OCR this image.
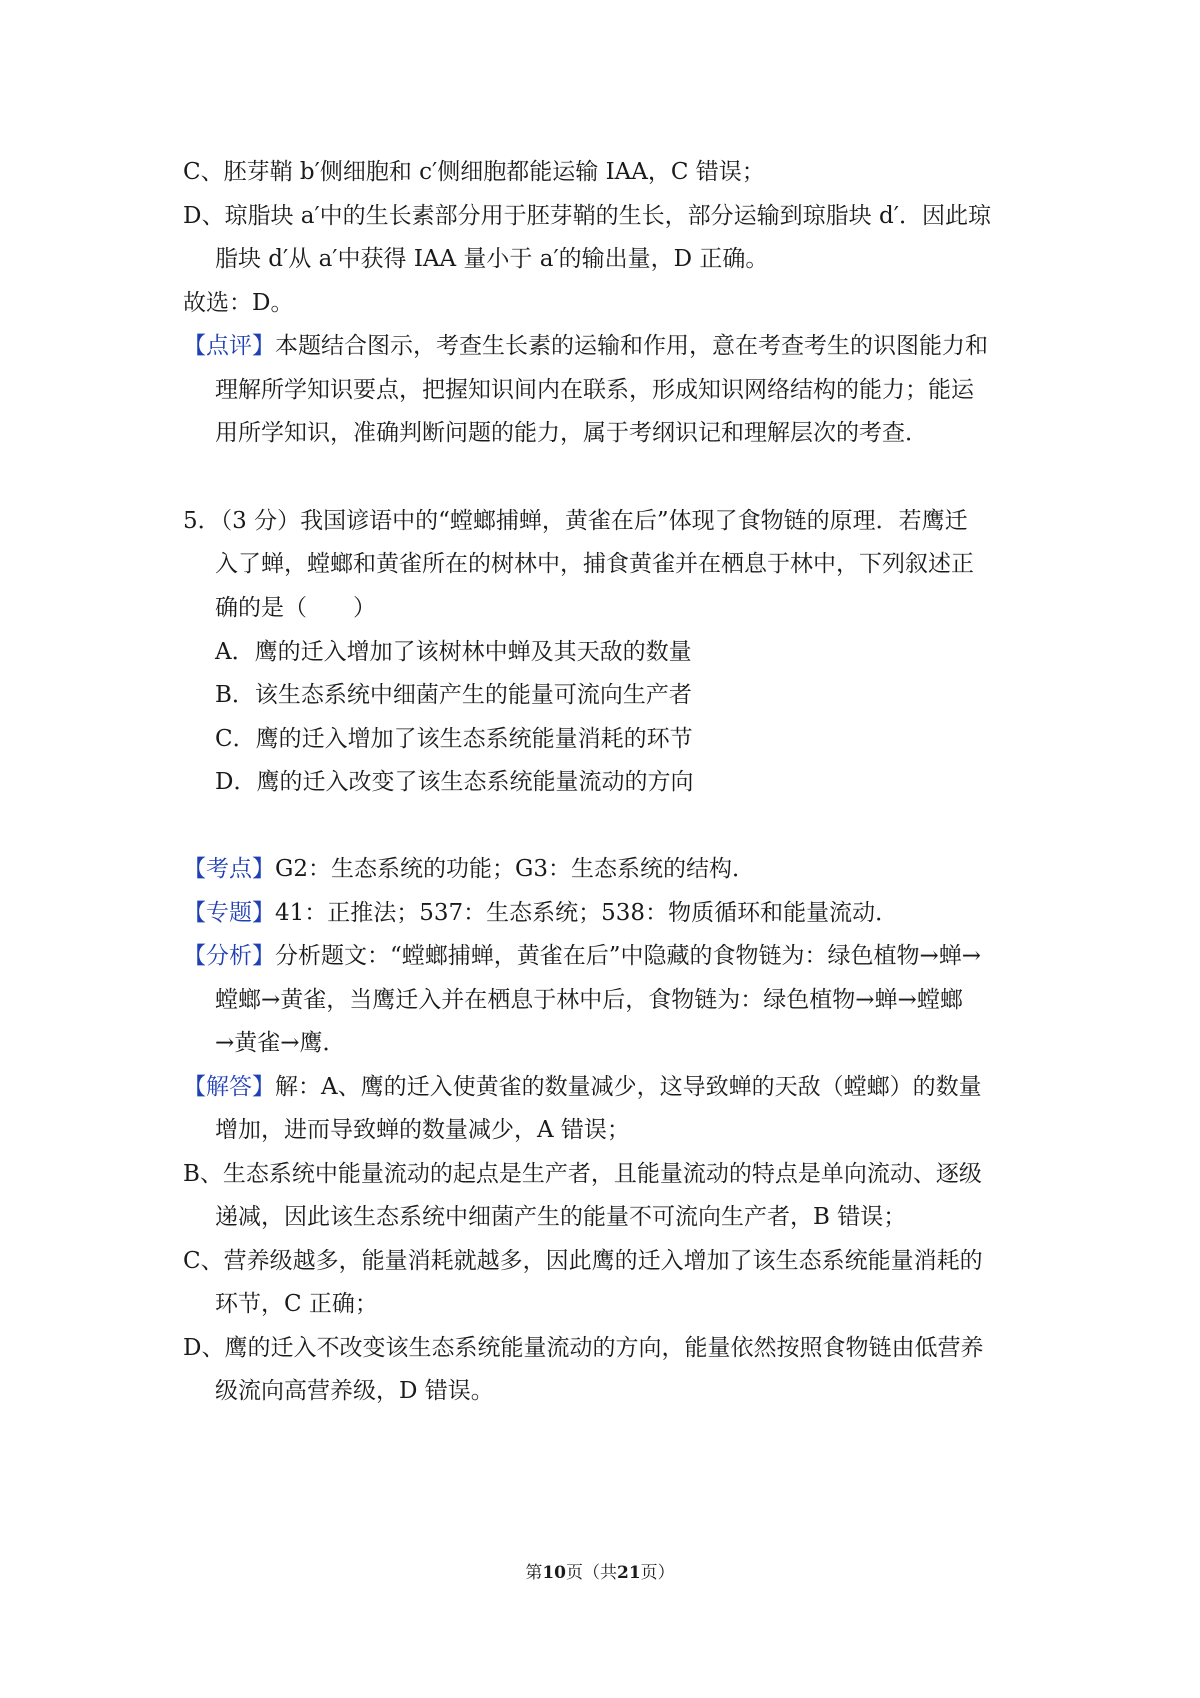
C、胚芽鞘 b′侧细胞和 c′侧细胞都能运输 IAA，C 错误；
D、琼脂块 a′中的生长素部分用于胚芽鞘的生长，部分运输到琼脂块 d′．因此琼
脂块 d′从 a′中获得 IAA 量小于 a′的输出量，D 正确。
故选：D。
【点评】本题结合图示，考查生长素的运输和作用，意在考查考生的识图能力和
理解所学知识要点，把握知识间内在联系，形成知识网络结构的能力；能运
用所学知识，准确判断问题的能力，属于考纲识记和理解层次的考查．
5．（3 分）我国谚语中的“螳螂捕蝉，黄雀在后”体现了食物链的原理．若鹰迁
入了蝉，螳螂和黄雀所在的树林中，捕食黄雀并在栖息于林中，下列叙述正
确的是（　　）
A．鹰的迁入增加了该树林中蝉及其天敌的数量
B．该生态系统中细菌产生的能量可流向生产者
C．鹰的迁入增加了该生态系统能量消耗的环节
D．鹰的迁入改变了该生态系统能量流动的方向
【考点】G2：生态系统的功能；G3：生态系统的结构．
【专题】41：正推法；537：生态系统；538：物质循环和能量流动．
【分析】分析题文：“螳螂捕蝉，黄雀在后”中隐藏的食物链为：绿色植物→蝉→
螳螂→黄雀，当鹰迁入并在栖息于林中后，食物链为：绿色植物→蝉→螳螂
→黄雀→鹰．
【解答】解：A、鹰的迁入使黄雀的数量减少，这导致蝉的天敌（螳螂）的数量
增加，进而导致蝉的数量减少，A 错误；
B、生态系统中能量流动的起点是生产者，且能量流动的特点是单向流动、逐级
递减，因此该生态系统中细菌产生的能量不可流向生产者，B 错误；
C、营养级越多，能量消耗就越多，因此鹰的迁入增加了该生态系统能量消耗的
环节，C 正确；
D、鹰的迁入不改变该生态系统能量流动的方向，能量依然按照食物链由低营养
级流向高营养级，D 错误。
第10页（共21页）
